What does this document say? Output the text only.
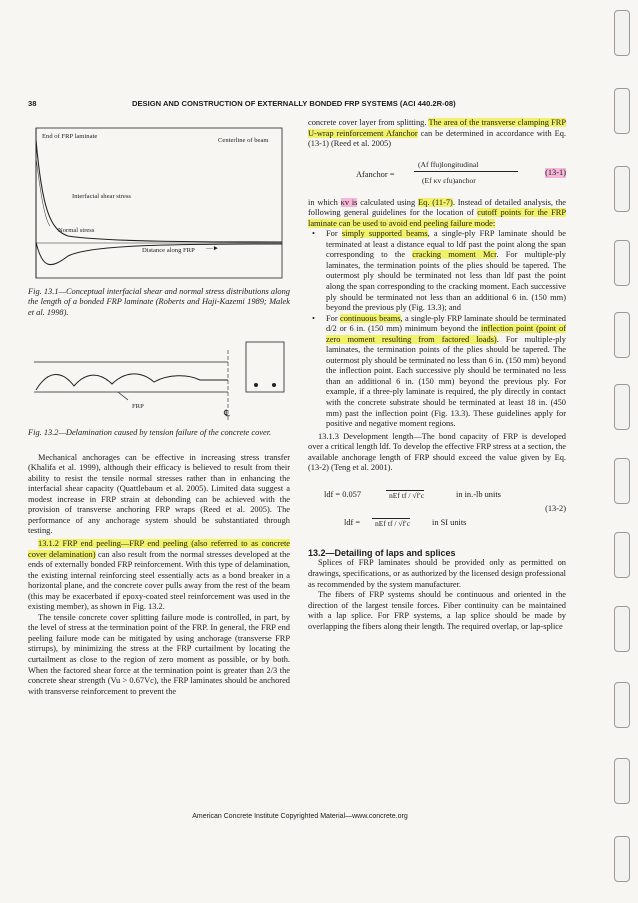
38	DESIGN AND CONSTRUCTION OF EXTERNALLY BONDED FRP SYSTEMS (ACI 440.2R-08)
End of FRP laminate
Centerline of beam
Interfacial shear stress
Normal stress
Distance along FRP —►

Fig. 13.1—Conceptual interfacial shear and normal stress distributions along the length of a bonded FRP laminate (Roberts and Haji-Kazemi 1989; Malek et al. 1998).

FRP
℄

Fig. 13.2—Delamination caused by tension failure of the concrete cover.

Mechanical anchorages can be effective in increasing stress transfer (Khalifa et al. 1999), although their efficacy is believed to result from their ability to resist the tensile normal stresses rather than in enhancing the interfacial shear capacity (Quattlebaum et al. 2005). Limited data suggest a modest increase in FRP strain at debonding can be achieved with the provision of transverse anchoring FRP wraps (Reed et al. 2005). The performance of any anchorage system should be substantiated through testing.

13.1.2 FRP end peeling—FRP end peeling (also referred to as concrete cover delamination) can also result from the normal stresses developed at the ends of externally bonded FRP reinforcement. With this type of delamination, the existing internal reinforcing steel essentially acts as a bond breaker in a horizontal plane, and the concrete cover pulls away from the rest of the beam (this may be exacerbated if epoxy-coated steel reinforcement was used in the existing member), as shown in Fig. 13.2.

The tensile concrete cover splitting failure mode is controlled, in part, by the level of stress at the termination point of the FRP. In general, the FRP end peeling failure mode can be mitigated by using anchorage (transverse FRP stirrups), by minimizing the stress at the FRP curtailment by locating the curtailment as close to the region of zero moment as possible, or by both. When the factored shear force at the termination point is greater than 2/3 the concrete shear strength (Vu > 0.67Vc), the FRP laminates should be anchored with transverse reinforcement to prevent the

concrete cover layer from splitting. The area of the transverse clamping FRP U-wrap reinforcement Afanchor can be determined in accordance with Eq. (13-1) (Reed et al. 2005)

Afanchor =
(Af ffu)longitudinal
(Ef κv εfu)anchor
(13-1)

in which κv is calculated using Eq. (11-7). Instead of detailed analysis, the following general guidelines for the location of cutoff points for the FRP laminate can be used to avoid end peeling failure mode:

• For simply supported beams, a single-ply FRP laminate should be terminated at least a distance equal to ldf past the point along the span corresponding to the cracking moment Mcr. For multiple-ply laminates, the termination points of the plies should be tapered. The outermost ply should be terminated not less than ldf past the point along the span corresponding to the cracking moment. Each successive ply should be terminated not less than an additional 6 in. (150 mm) beyond the previous ply (Fig. 13.3); and
• For continuous beams, a single-ply FRP laminate should be terminated d/2 or 6 in. (150 mm) minimum beyond the inflection point (point of zero moment resulting from factored loads). For multiple-ply laminates, the termination points of the plies should be tapered. The outermost ply should be terminated no less than 6 in. (150 mm) beyond the inflection point. Each successive ply should be terminated no less than an additional 6 in. (150 mm) beyond the previous ply. For example, if a three-ply laminate is required, the ply directly in contact with the concrete substrate should be terminated at least 18 in. (450 mm) past the inflection point (Fig. 13.3). These guidelines apply for positive and negative moment regions.

13.1.3 Development length—The bond capacity of FRP is developed over a critical length ldf. To develop the effective FRP stress at a section, the available anchorage length of FRP should exceed the value given by Eq. (13-2) (Teng et al. 2001).

ldf = 0.057	nEf tf / √f′c	in in.-lb units
(13-2)
ldf =	nEf tf / √f′c	in SI units

13.2—Detailing of laps and splices

Splices of FRP laminates should be provided only as permitted on drawings, specifications, or as authorized by the licensed design professional as recommended by the system manufacturer.

The fibers of FRP systems should be continuous and oriented in the direction of the largest tensile forces. Fiber continuity can be maintained with a lap splice. For FRP systems, a lap splice should be made by overlapping the fibers along their length. The required overlap, or lap-splice

American Concrete Institute Copyrighted Material—www.concrete.org
